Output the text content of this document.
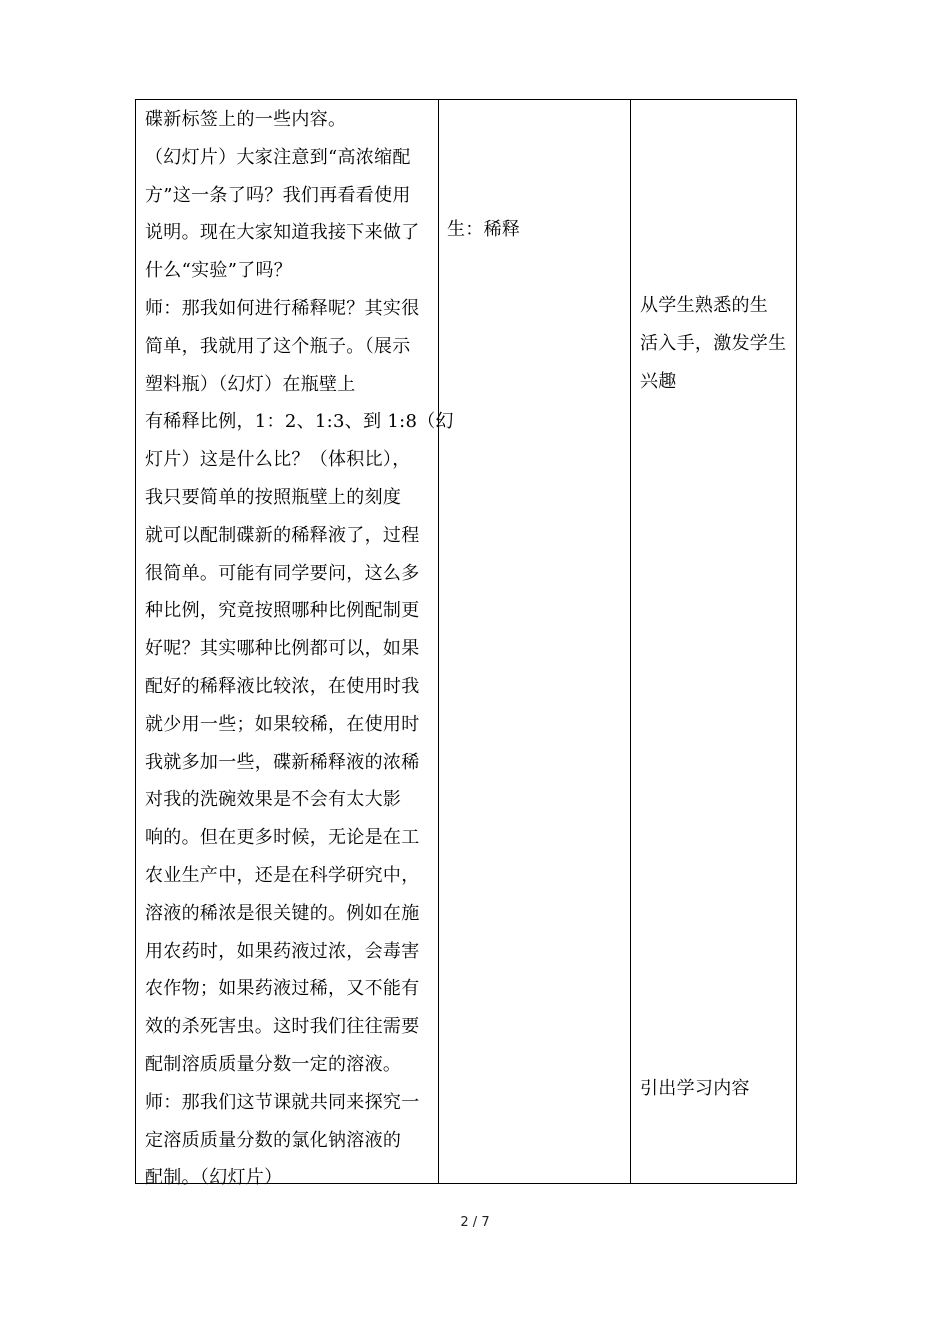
碟新标签上的一些内容。
（幻灯片）大家注意到“高浓缩配
方”这一条了吗？我们再看看使用
说明。现在大家知道我接下来做了
什么“实验”了吗？
师：那我如何进行稀释呢？其实很
简单，我就用了这个瓶子。（展示
塑料瓶）（幻灯）在瓶壁上
有稀释比例，1：2、1:3、到 1:8（幻
灯片）这是什么比？（体积比），
我只要简单的按照瓶壁上的刻度
就可以配制碟新的稀释液了，过程
很简单。可能有同学要问，这么多
种比例，究竟按照哪种比例配制更
好呢？其实哪种比例都可以，如果
配好的稀释液比较浓，在使用时我
就少用一些；如果较稀，在使用时
我就多加一些，碟新稀释液的浓稀
对我的洗碗效果是不会有太大影
响的。但在更多时候，无论是在工
农业生产中，还是在科学研究中，
溶液的稀浓是很关键的。例如在施
用农药时，如果药液过浓，会毒害
农作物；如果药液过稀，又不能有
效的杀死害虫。这时我们往往需要
配制溶质质量分数一定的溶液。
师：那我们这节课就共同来探究一
定溶质质量分数的氯化钠溶液的
配制。（幻灯片）
生：稀释
从学生熟悉的生
活入手，激发学生
兴趣
引出学习内容
2 / 7
